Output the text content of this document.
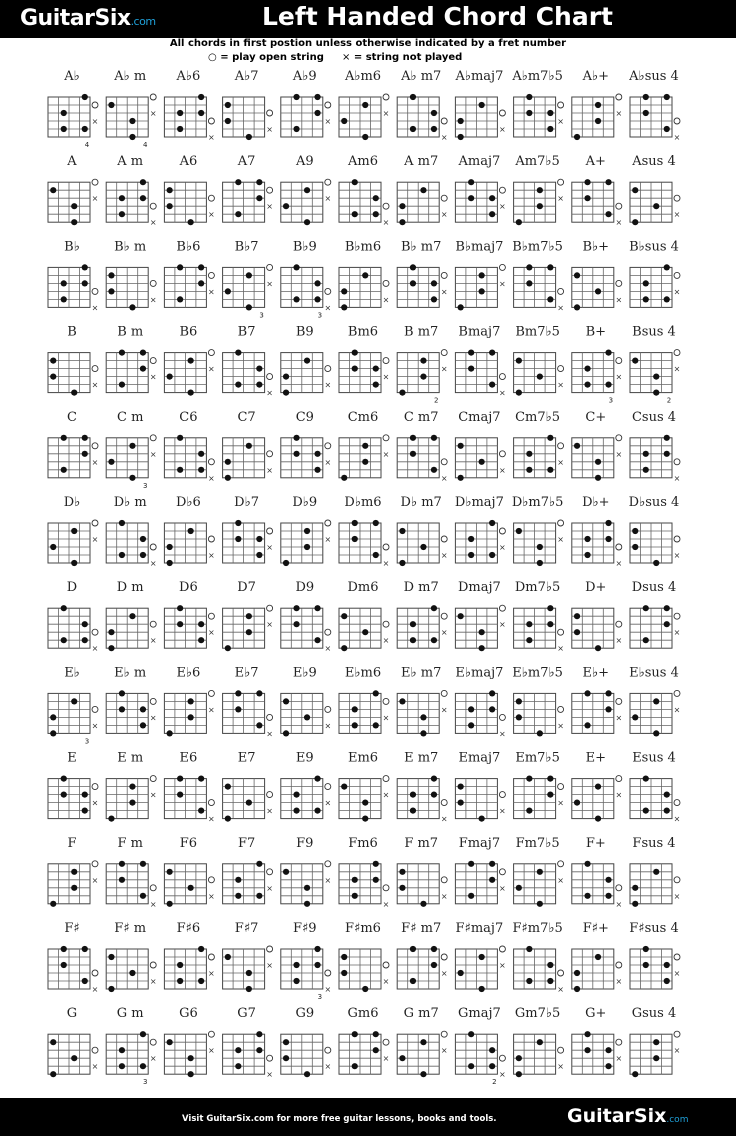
GuitarSix.com	Left Handed Chord Chart
All chords in first postion unless otherwise indicated by a fret number
○ = play open string × = string not played
A♭
×
4
A♭ m
×
4
A♭6
×
A♭7
×
A♭9
×
A♭m6
×
A♭ m7
×
A♭maj7
×
A♭m7♭5
×
A♭+
×
A♭sus 4
×
A
×
A m
×
A6
×
A7
×
A9
×
Am6
×
A m7
×
Amaj7
×
Am7♭5
×
A+
×
Asus 4
×
B♭
×
B♭ m
×
B♭6
×
B♭7
×
3
B♭9
×
3
B♭m6
×
B♭ m7
×
B♭maj7
×
B♭m7♭5
×
B♭+
×
B♭sus 4
×
B
×
B m
×
B6
×
B7
×
B9
×
Bm6
×
B m7
×
2
Bmaj7
×
Bm7♭5
×
B+
×
3
Bsus 4
×
2
C
×
C m
×
3
C6
×
C7
×
C9
×
Cm6
×
C m7
×
Cmaj7
×
Cm7♭5
×
C+
×
Csus 4
×
D♭
×
D♭ m
×
D♭6
×
D♭7
×
D♭9
×
D♭m6
×
D♭ m7
×
D♭maj7
×
D♭m7♭5
×
D♭+
×
D♭sus 4
×
D
×
D m
×
D6
×
D7
×
D9
×
Dm6
×
D m7
×
Dmaj7
×
Dm7♭5
×
D+
×
Dsus 4
×
E♭
×
3
E♭ m
×
E♭6
×
E♭7
×
E♭9
×
E♭m6
×
E♭ m7
×
E♭maj7
×
E♭m7♭5
×
E♭+
×
E♭sus 4
×
E
×
E m
×
E6
×
E7
×
E9
×
Em6
×
E m7
×
Emaj7
×
Em7♭5
×
E+
×
Esus 4
×
F
×
F m
×
F6
×
F7
×
F9
×
Fm6
×
F m7
×
Fmaj7
×
Fm7♭5
×
F+
×
Fsus 4
×
F♯
×
F♯ m
×
F♯6
×
F♯7
×
F♯9
×
3
F♯m6
×
F♯ m7
×
F♯maj7
×
F♯m7♭5
×
F♯+
×
F♯sus 4
×
G
×
G m
×
3
G6
×
G7
×
G9
×
Gm6
×
G m7
×
Gmaj7
×
2
Gm7♭5
×
G+
×
Gsus 4
×
Visit GuitarSix.com for more free guitar lessons, books and tools.	GuitarSix.com
